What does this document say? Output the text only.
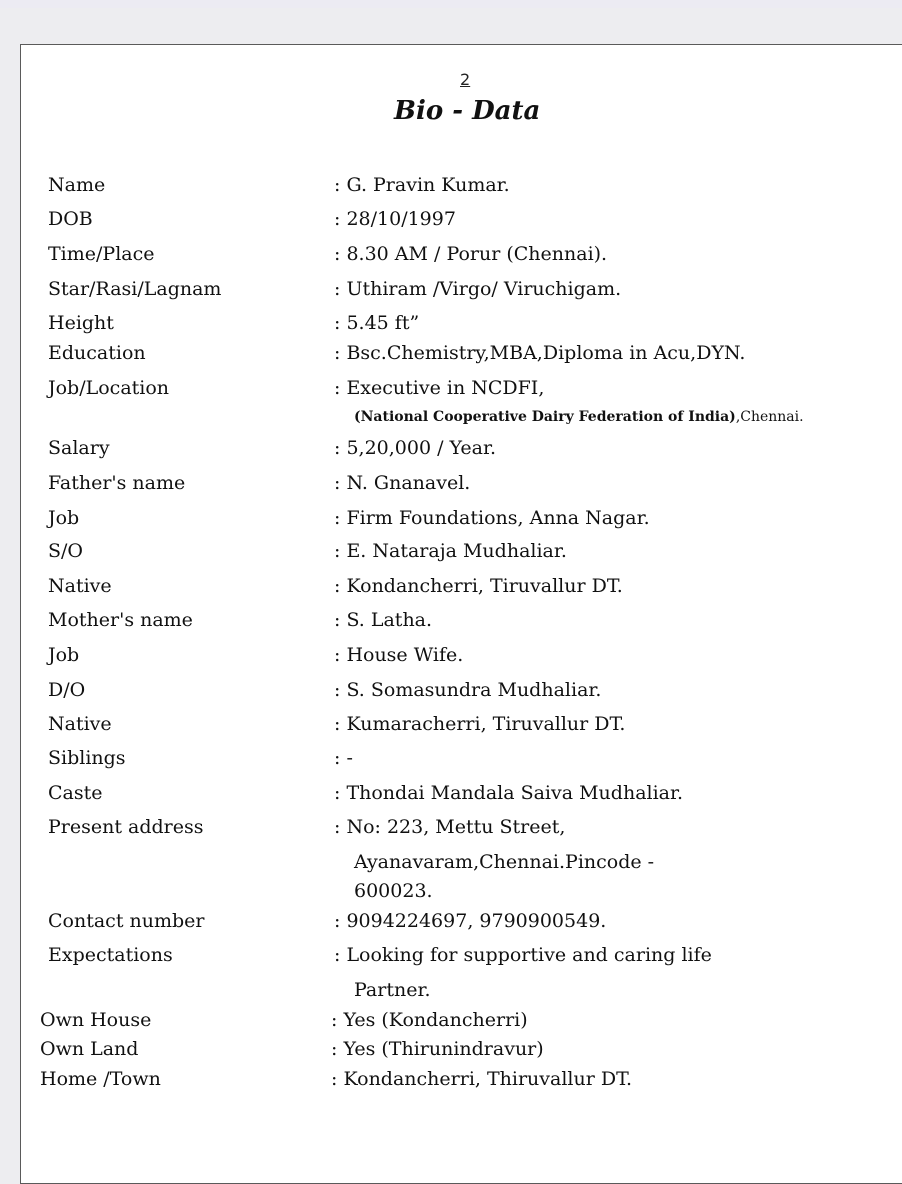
2
Bio - Data
Name	: G. Pravin Kumar.
DOB	: 28/10/1997
Time/Place	: 8.30 AM / Porur (Chennai).
Star/Rasi/Lagnam	: Uthiram /Virgo/ Viruchigam.
Height	: 5.45 ft”
Education	: Bsc.Chemistry,MBA,Diploma in Acu,DYN.
Job/Location	: Executive in NCDFI,
(National Cooperative Dairy Federation of India),Chennai.
Salary	: 5,20,000 / Year.
Father's name	: N. Gnanavel.
Job	: Firm Foundations, Anna Nagar.
S/O	: E. Nataraja Mudhaliar.
Native	: Kondancherri, Tiruvallur DT.
Mother's name	: S. Latha.
Job	: House Wife.
D/O	: S. Somasundra Mudhaliar.
Native	: Kumaracherri, Tiruvallur DT.
Siblings	: -
Caste	: Thondai Mandala Saiva Mudhaliar.
Present address	: No: 223, Mettu Street,
Ayanavaram,Chennai.Pincode -
600023.
Contact number	: 9094224697, 9790900549.
Expectations	: Looking for supportive and caring life
Partner.
Own House	: Yes (Kondancherri)
Own Land	: Yes (Thirunindravur)
Home /Town	: Kondancherri, Thiruvallur DT.
